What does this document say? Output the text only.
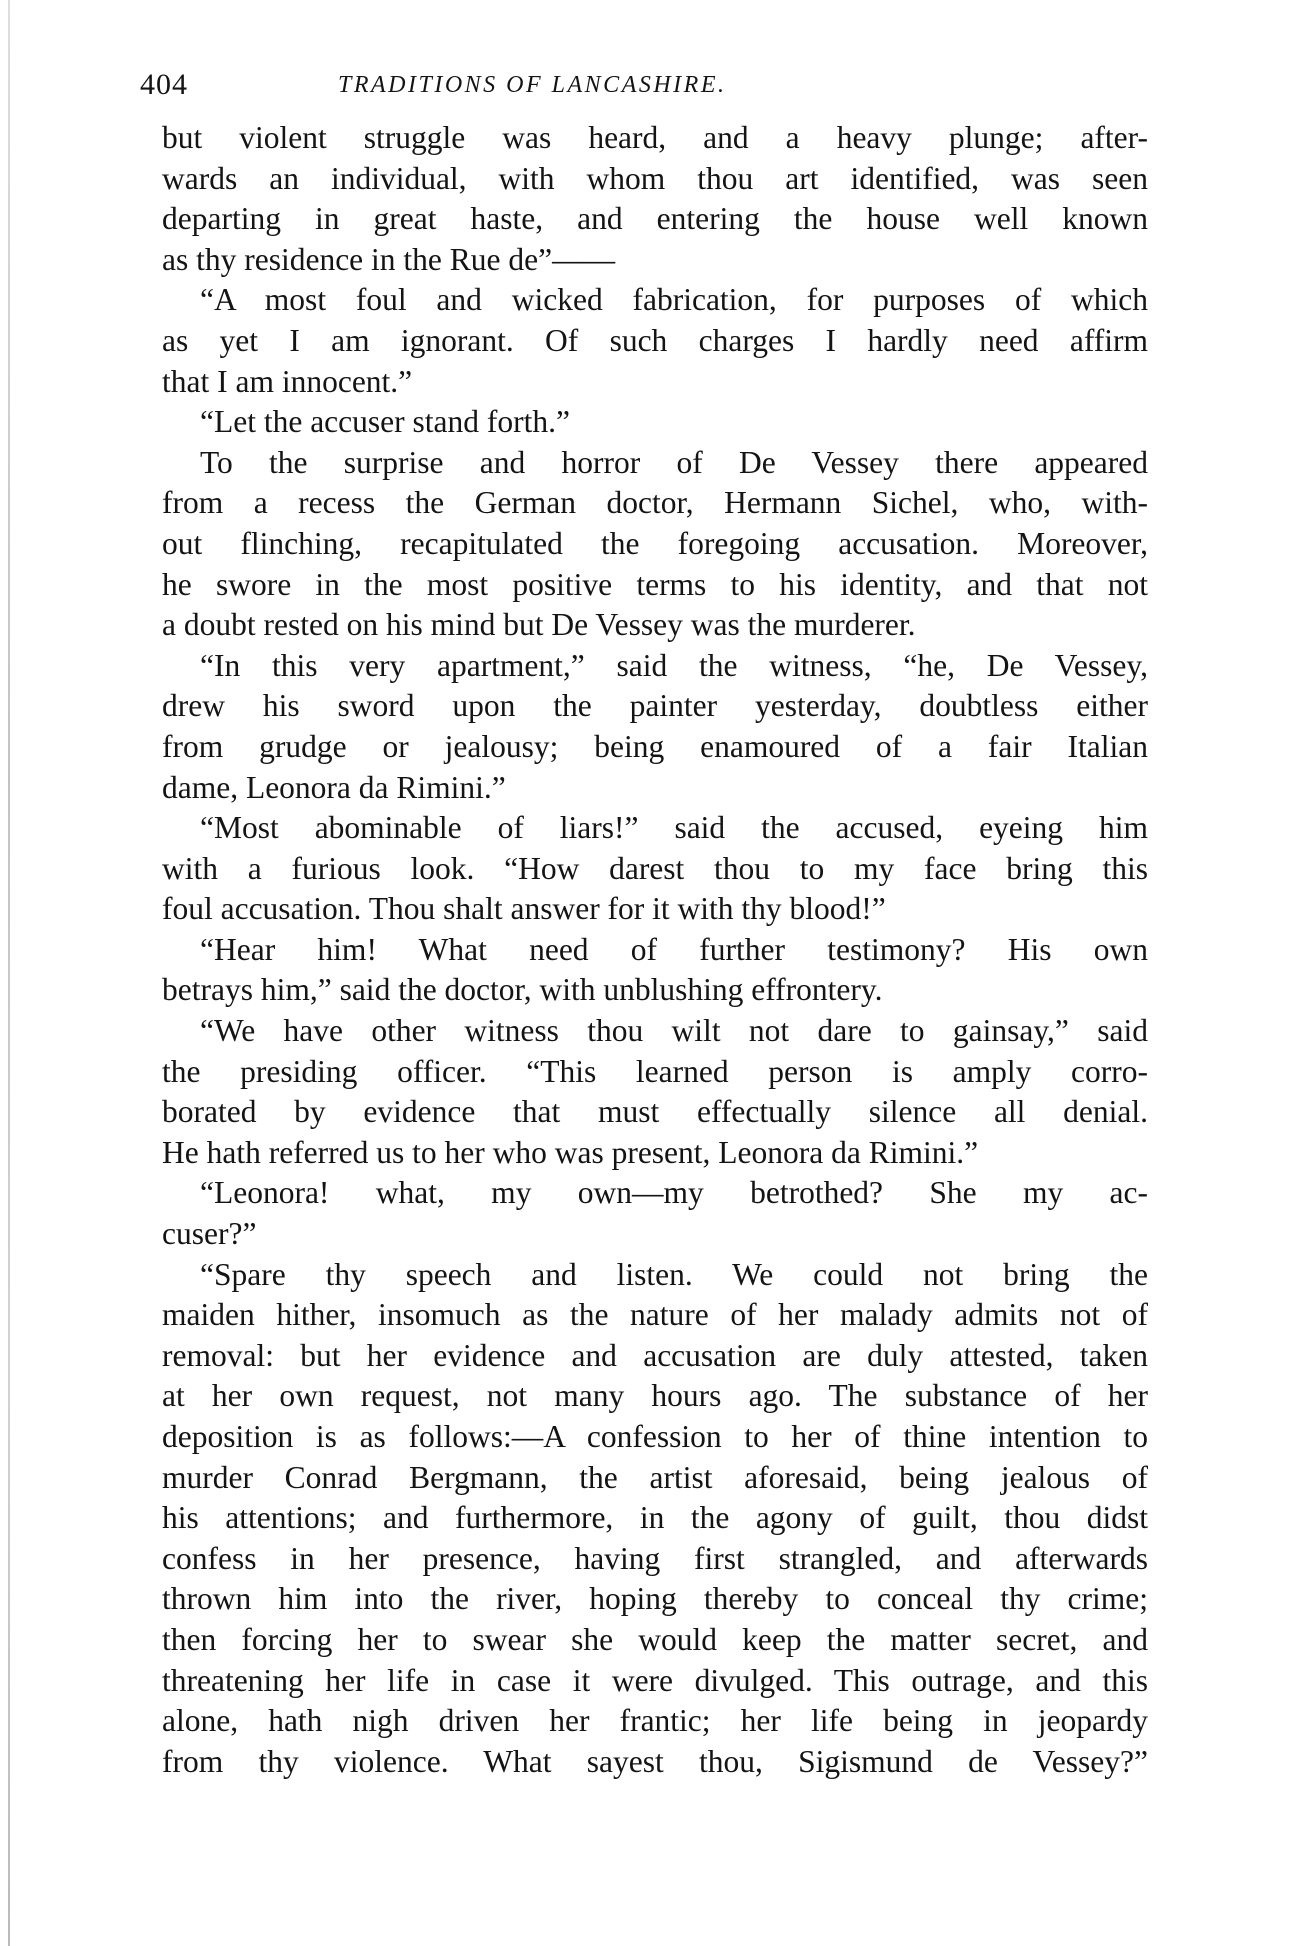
404	TRADITIONS OF LANCASHIRE.
but violent struggle was heard, and a heavy plunge; after-
wards an individual, with whom thou art identified, was seen
departing in great haste, and entering the house well known
as thy residence in the Rue de”——
“A most foul and wicked fabrication, for purposes of which
as yet I am ignorant. Of such charges I hardly need affirm
that I am innocent.”
“Let the accuser stand forth.”
To the surprise and horror of De Vessey there appeared
from a recess the German doctor, Hermann Sichel, who, with-
out flinching, recapitulated the foregoing accusation. Moreover,
he swore in the most positive terms to his identity, and that not
a doubt rested on his mind but De Vessey was the murderer.
“In this very apartment,” said the witness, “he, De Vessey,
drew his sword upon the painter yesterday, doubtless either
from grudge or jealousy; being enamoured of a fair Italian
dame, Leonora da Rimini.”
“Most abominable of liars!” said the accused, eyeing him
with a furious look. “How darest thou to my face bring this
foul accusation. Thou shalt answer for it with thy blood!”
“Hear him! What need of further testimony? His own
betrays him,” said the doctor, with unblushing effrontery.
“We have other witness thou wilt not dare to gainsay,” said
the presiding officer. “This learned person is amply corro-
borated by evidence that must effectually silence all denial.
He hath referred us to her who was present, Leonora da Rimini.”
“Leonora! what, my own—my betrothed? She my ac-
cuser?”
“Spare thy speech and listen. We could not bring the
maiden hither, insomuch as the nature of her malady admits not of
removal: but her evidence and accusation are duly attested, taken
at her own request, not many hours ago. The substance of her
deposition is as follows:—A confession to her of thine intention to
murder Conrad Bergmann, the artist aforesaid, being jealous of
his attentions; and furthermore, in the agony of guilt, thou didst
confess in her presence, having first strangled, and afterwards
thrown him into the river, hoping thereby to conceal thy crime;
then forcing her to swear she would keep the matter secret, and
threatening her life in case it were divulged. This outrage, and this
alone, hath nigh driven her frantic; her life being in jeopardy
from thy violence. What sayest thou, Sigismund de Vessey?”
